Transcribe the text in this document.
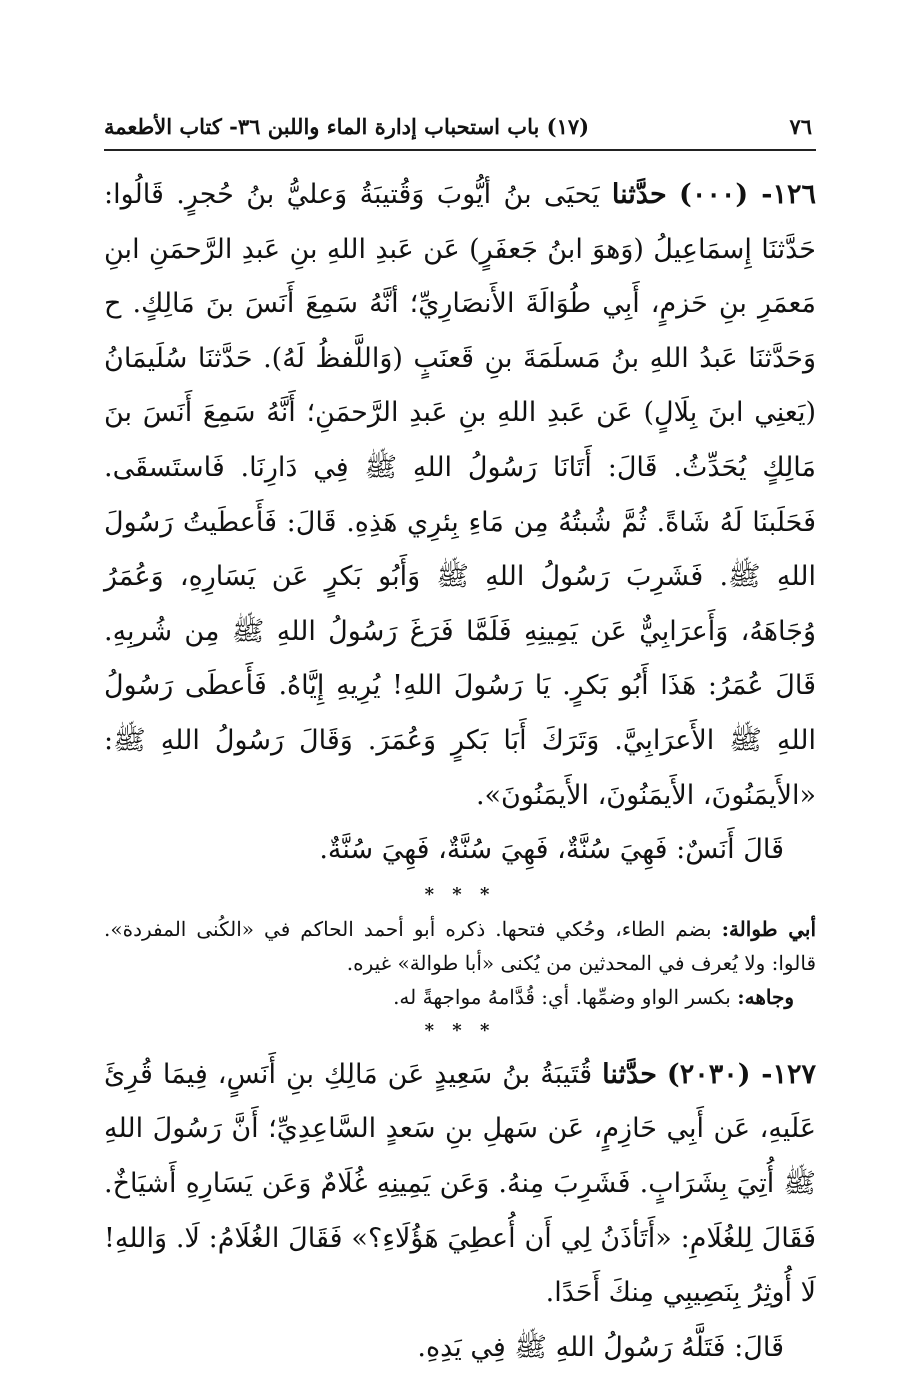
٧٦
(١٧) باب استحباب إدارة الماء واللبن ٣٦- كتاب الأطعمة

١٢٦- (٠٠٠) حدَّثنا يَحيَى بنُ أيُّوبَ وَقُتيبَةُ وَعليُّ بنُ حُجرٍ. قَالُوا: حَدَّثنَا إِسمَاعِيلُ (وَهوَ ابنُ جَعفَرٍ) عَن عَبدِ اللهِ بنِ عَبدِ الرَّحمَنِ ابنِ مَعمَرِ بنِ حَزمٍ، أَبِي طُوَالَةَ الأَنصَارِيِّ؛ أنَّهُ سَمِعَ أَنَسَ بنَ مَالِكٍ. ح وَحَدَّثنَا عَبدُ اللهِ بنُ مَسلَمَةَ بنِ قَعنَبٍ (وَاللَّفظُ لَهُ). حَدَّثنَا سُلَيمَانُ (يَعنِي ابنَ بِلَالٍ) عَن عَبدِ اللهِ بنِ عَبدِ الرَّحمَنِ؛ أَنَّهُ سَمِعَ أَنَسَ بنَ مَالِكٍ يُحَدِّثُ. قَالَ: أَتَانَا رَسُولُ اللهِ ﷺ فِي دَارِنَا. فَاستَسقَى. فَحَلَبنَا لَهُ شَاةً. ثُمَّ شُبتُهُ مِن مَاءِ بِئرِي هَذِهِ. قَالَ: فَأَعطَيتُ رَسُولَ اللهِ ﷺ. فَشَرِبَ رَسُولُ اللهِ ﷺ وَأَبُو بَكرٍ عَن يَسَارِهِ، وَعُمَرُ وُجَاهَهُ، وَأَعرَابِيٌّ عَن يَمِينِهِ فَلَمَّا فَرَغَ رَسُولُ اللهِ ﷺ مِن شُربِهِ. قَالَ عُمَرُ: هَذَا أَبُو بَكرٍ. يَا رَسُولَ اللهِ! يُرِيهِ إِيَّاهُ. فَأَعطَى رَسُولُ اللهِ ﷺ الأَعرَابِيَّ. وَتَرَكَ أَبَا بَكرٍ وَعُمَرَ. وَقَالَ رَسُولُ اللهِ ﷺ: «الأَيمَنُونَ، الأَيمَنُونَ، الأَيمَنُونَ».

قَالَ أَنَسٌ: فَهِيَ سُنَّةٌ، فَهِيَ سُنَّةٌ، فَهِيَ سُنَّةٌ.

* * *

أبي طوالة: بضم الطاء، وحُكي فتحها. ذكره أبو أحمد الحاكم في «الكُنى المفردة». قالوا: ولا يُعرف في المحدثين من يُكنى «أبا طوالة» غيره.

وجاهه: بكسر الواو وضمِّها. أي: قُدَّامهُ مواجهةً له.

* * *

١٢٧- (٢٠٣٠) حدَّثنا قُتَيبَةُ بنُ سَعِيدٍ عَن مَالِكِ بنِ أَنَسٍ، فِيمَا قُرِئَ عَلَيهِ، عَن أَبِي حَازِمٍ، عَن سَهلِ بنِ سَعدٍ السَّاعِدِيِّ؛ أَنَّ رَسُولَ اللهِ ﷺ أُتِيَ بِشَرَابٍ. فَشَرِبَ مِنهُ. وَعَن يَمِينِهِ غُلَامٌ وَعَن يَسَارِهِ أَشيَاخٌ. فَقَالَ لِلغُلَامِ: «أَتَأذَنُ لِي أَن أُعطِيَ هَؤُلَاءِ؟» فَقَالَ الغُلَامُ: لَا. وَاللهِ! لَا أُوثِرُ بِنَصِيبِي مِنكَ أَحَدًا.

قَالَ: فَتَلَّهُ رَسُولُ اللهِ ﷺ فِي يَدِهِ.
